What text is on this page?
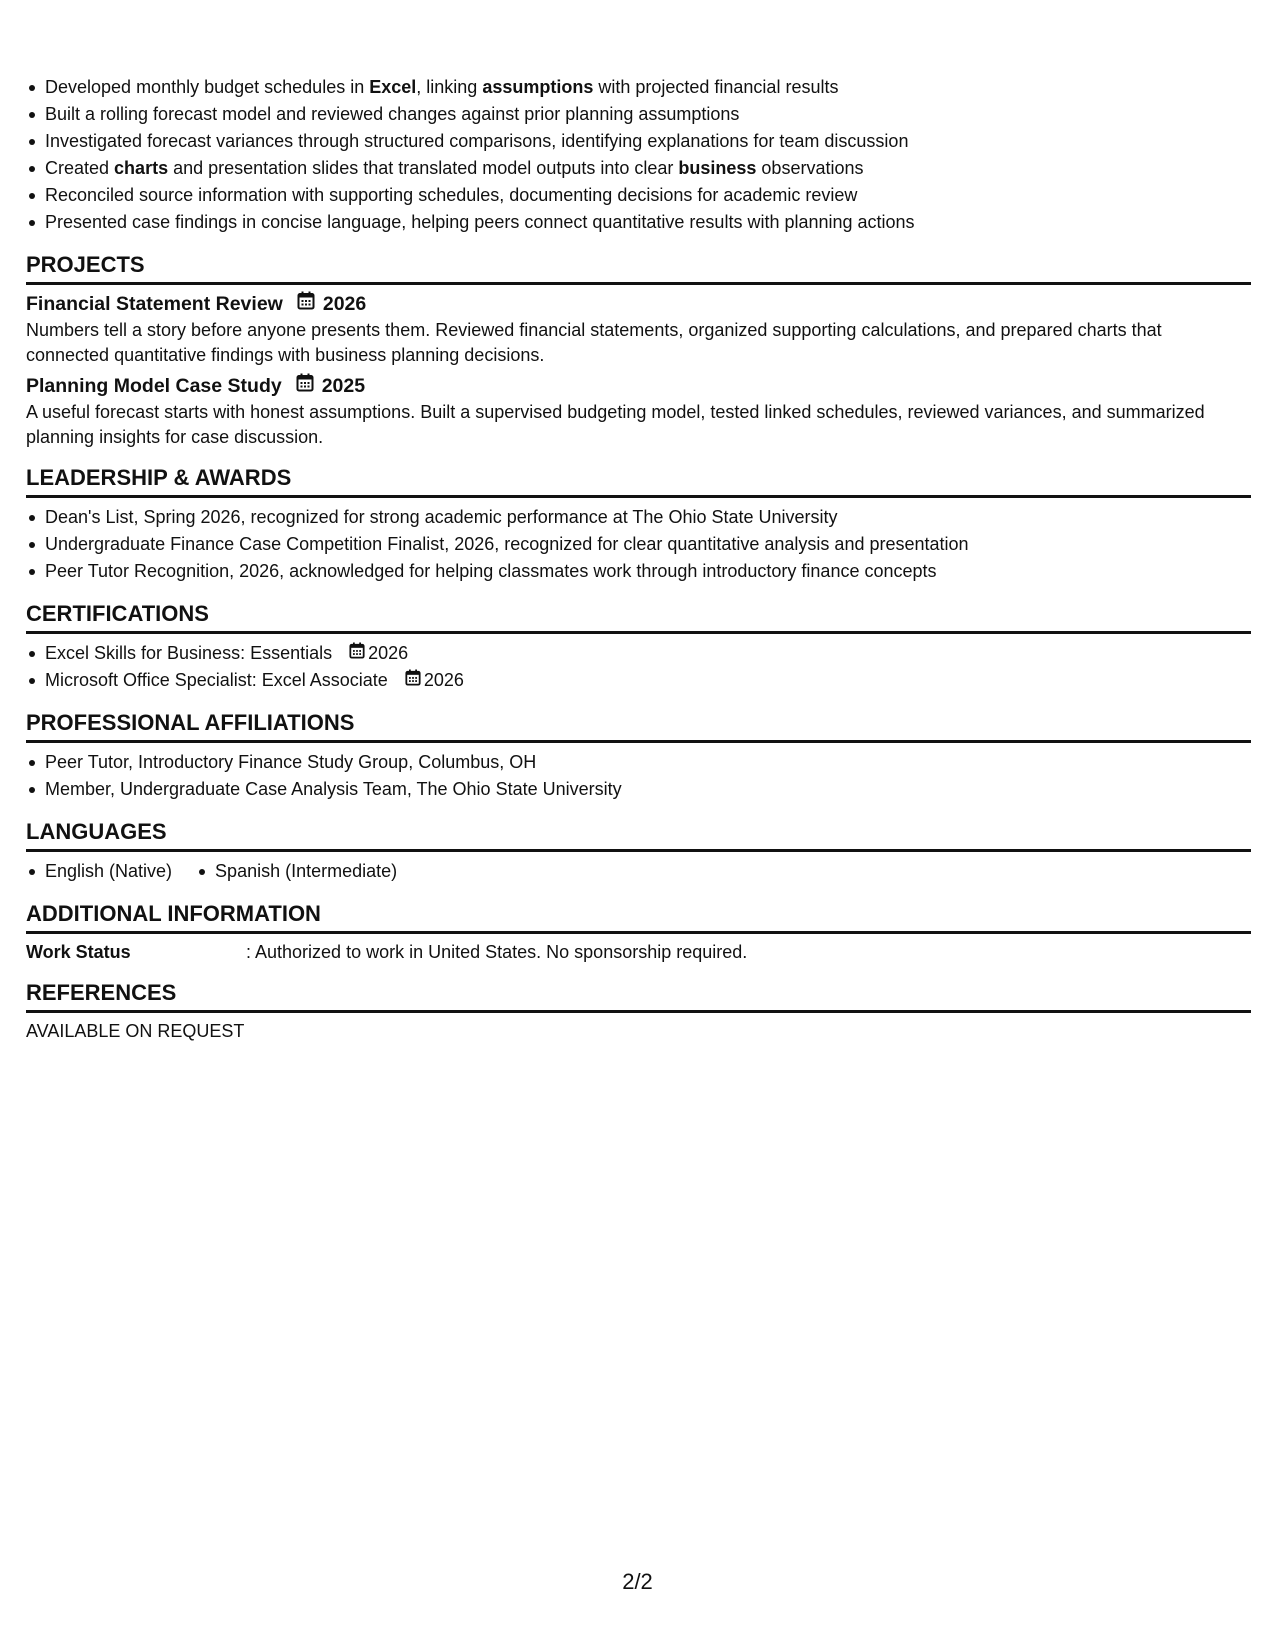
Developed monthly budget schedules in Excel, linking assumptions with projected financial results
Built a rolling forecast model and reviewed changes against prior planning assumptions
Investigated forecast variances through structured comparisons, identifying explanations for team discussion
Created charts and presentation slides that translated model outputs into clear business observations
Reconciled source information with supporting schedules, documenting decisions for academic review
Presented case findings in concise language, helping peers connect quantitative results with planning actions
PROJECTS
Financial Statement Review 2026
Numbers tell a story before anyone presents them. Reviewed financial statements, organized supporting calculations, and prepared charts that connected quantitative findings with business planning decisions.
Planning Model Case Study 2025
A useful forecast starts with honest assumptions. Built a supervised budgeting model, tested linked schedules, reviewed variances, and summarized planning insights for case discussion.
LEADERSHIP & AWARDS
Dean's List, Spring 2026, recognized for strong academic performance at The Ohio State University
Undergraduate Finance Case Competition Finalist, 2026, recognized for clear quantitative analysis and presentation
Peer Tutor Recognition, 2026, acknowledged for helping classmates work through introductory finance concepts
CERTIFICATIONS
Excel Skills for Business: Essentials 2026
Microsoft Office Specialist: Excel Associate 2026
PROFESSIONAL AFFILIATIONS
Peer Tutor, Introductory Finance Study Group, Columbus, OH
Member, Undergraduate Case Analysis Team, The Ohio State University
LANGUAGES
English (Native) Spanish (Intermediate)
ADDITIONAL INFORMATION
Work Status	: Authorized to work in United States. No sponsorship required.
REFERENCES
AVAILABLE ON REQUEST
2/2
